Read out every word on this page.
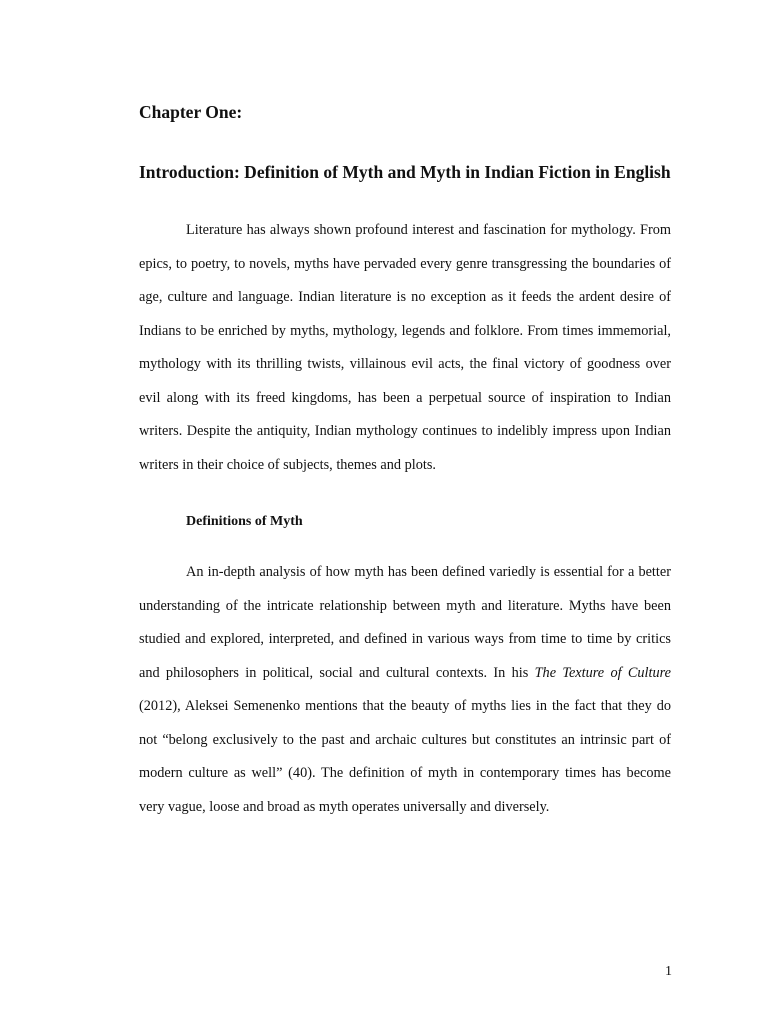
Chapter One:
Introduction: Definition of Myth and Myth in Indian Fiction in English

Literature has always shown profound interest and fascination for mythology. From epics, to poetry, to novels, myths have pervaded every genre transgressing the boundaries of age, culture and language. Indian literature is no exception as it feeds the ardent desire of Indians to be enriched by myths, mythology, legends and folklore. From times immemorial, mythology with its thrilling twists, villainous evil acts, the final victory of goodness over evil along with its freed kingdoms, has been a perpetual source of inspiration to Indian writers. Despite the antiquity, Indian mythology continues to indelibly impress upon Indian writers in their choice of subjects, themes and plots.

Definitions of Myth

An in-depth analysis of how myth has been defined variedly is essential for a better understanding of the intricate relationship between myth and literature. Myths have been studied and explored, interpreted, and defined in various ways from time to time by critics and philosophers in political, social and cultural contexts. In his The Texture of Culture (2012), Aleksei Semenenko mentions that the beauty of myths lies in the fact that they do not “belong exclusively to the past and archaic cultures but constitutes an intrinsic part of modern culture as well” (40). The definition of myth in contemporary times has become very vague, loose and broad as myth operates universally and diversely.

1
